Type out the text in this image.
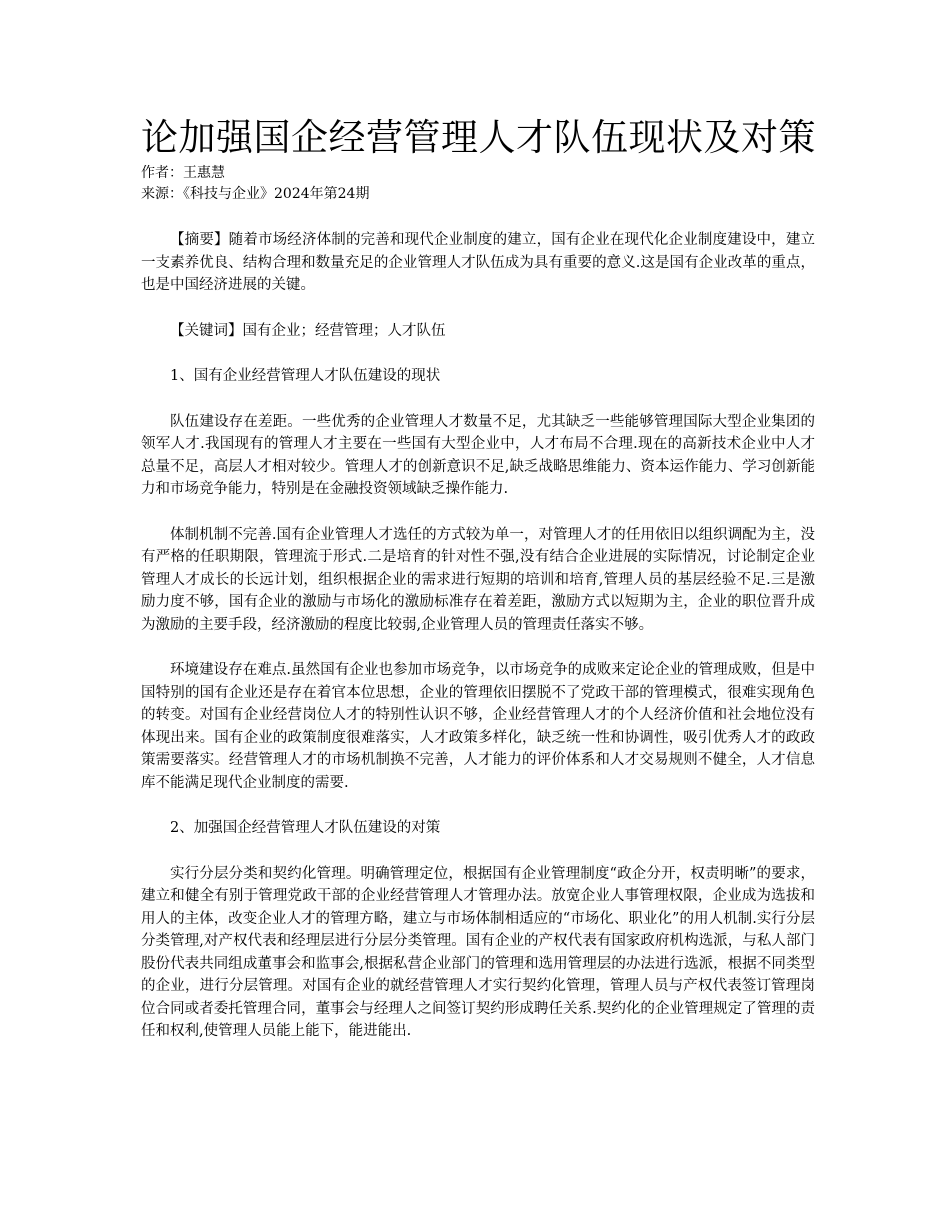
论加强国企经营管理人才队伍现状及对策
作者：王惠慧
来源：《科技与企业》2024年第24期

【摘要】随着市场经济体制的完善和现代企业制度的建立，国有企业在现代化企业制度建设中，建立一支素养优良、结构合理和数量充足的企业管理人才队伍成为具有重要的意义.这是国有企业改革的重点，也是中国经济进展的关键。

【关键词】国有企业；经营管理；人才队伍

1、国有企业经营管理人才队伍建设的现状

队伍建设存在差距。一些优秀的企业管理人才数量不足，尤其缺乏一些能够管理国际大型企业集团的领军人才.我国现有的管理人才主要在一些国有大型企业中，人才布局不合理.现在的高新技术企业中人才总量不足，高层人才相对较少。管理人才的创新意识不足,缺乏战略思维能力、资本运作能力、学习创新能力和市场竞争能力，特别是在金融投资领域缺乏操作能力.

体制机制不完善.国有企业管理人才选任的方式较为单一，对管理人才的任用依旧以组织调配为主，没有严格的任职期限，管理流于形式.二是培育的针对性不强,没有结合企业进展的实际情况，讨论制定企业管理人才成长的长远计划，组织根据企业的需求进行短期的培训和培育,管理人员的基层经验不足.三是激励力度不够，国有企业的激励与市场化的激励标准存在着差距，激励方式以短期为主，企业的职位晋升成为激励的主要手段，经济激励的程度比较弱,企业管理人员的管理责任落实不够。

环境建设存在难点.虽然国有企业也参加市场竞争，以市场竞争的成败来定论企业的管理成败，但是中国特别的国有企业还是存在着官本位思想，企业的管理依旧摆脱不了党政干部的管理模式，很难实现角色的转变。对国有企业经营岗位人才的特别性认识不够，企业经营管理人才的个人经济价值和社会地位没有体现出来。国有企业的政策制度很难落实，人才政策多样化，缺乏统一性和协调性，吸引优秀人才的政政策需要落实。经营管理人才的市场机制换不完善，人才能力的评价体系和人才交易规则不健全，人才信息库不能满足现代企业制度的需要.

2、加强国企经营管理人才队伍建设的对策

实行分层分类和契约化管理。明确管理定位，根据国有企业管理制度“政企分开，权责明晰”的要求，建立和健全有别于管理党政干部的企业经营管理人才管理办法。放宽企业人事管理权限，企业成为选拔和用人的主体，改变企业人才的管理方略，建立与市场体制相适应的“市场化、职业化”的用人机制.实行分层分类管理,对产权代表和经理层进行分层分类管理。国有企业的产权代表有国家政府机构选派，与私人部门股份代表共同组成董事会和监事会,根据私营企业部门的管理和选用管理层的办法进行选派，根据不同类型的企业，进行分层管理。对国有企业的就经营管理人才实行契约化管理，管理人员与产权代表签订管理岗位合同或者委托管理合同，董事会与经理人之间签订契约形成聘任关系.契约化的企业管理规定了管理的责任和权利,使管理人员能上能下，能进能出.
